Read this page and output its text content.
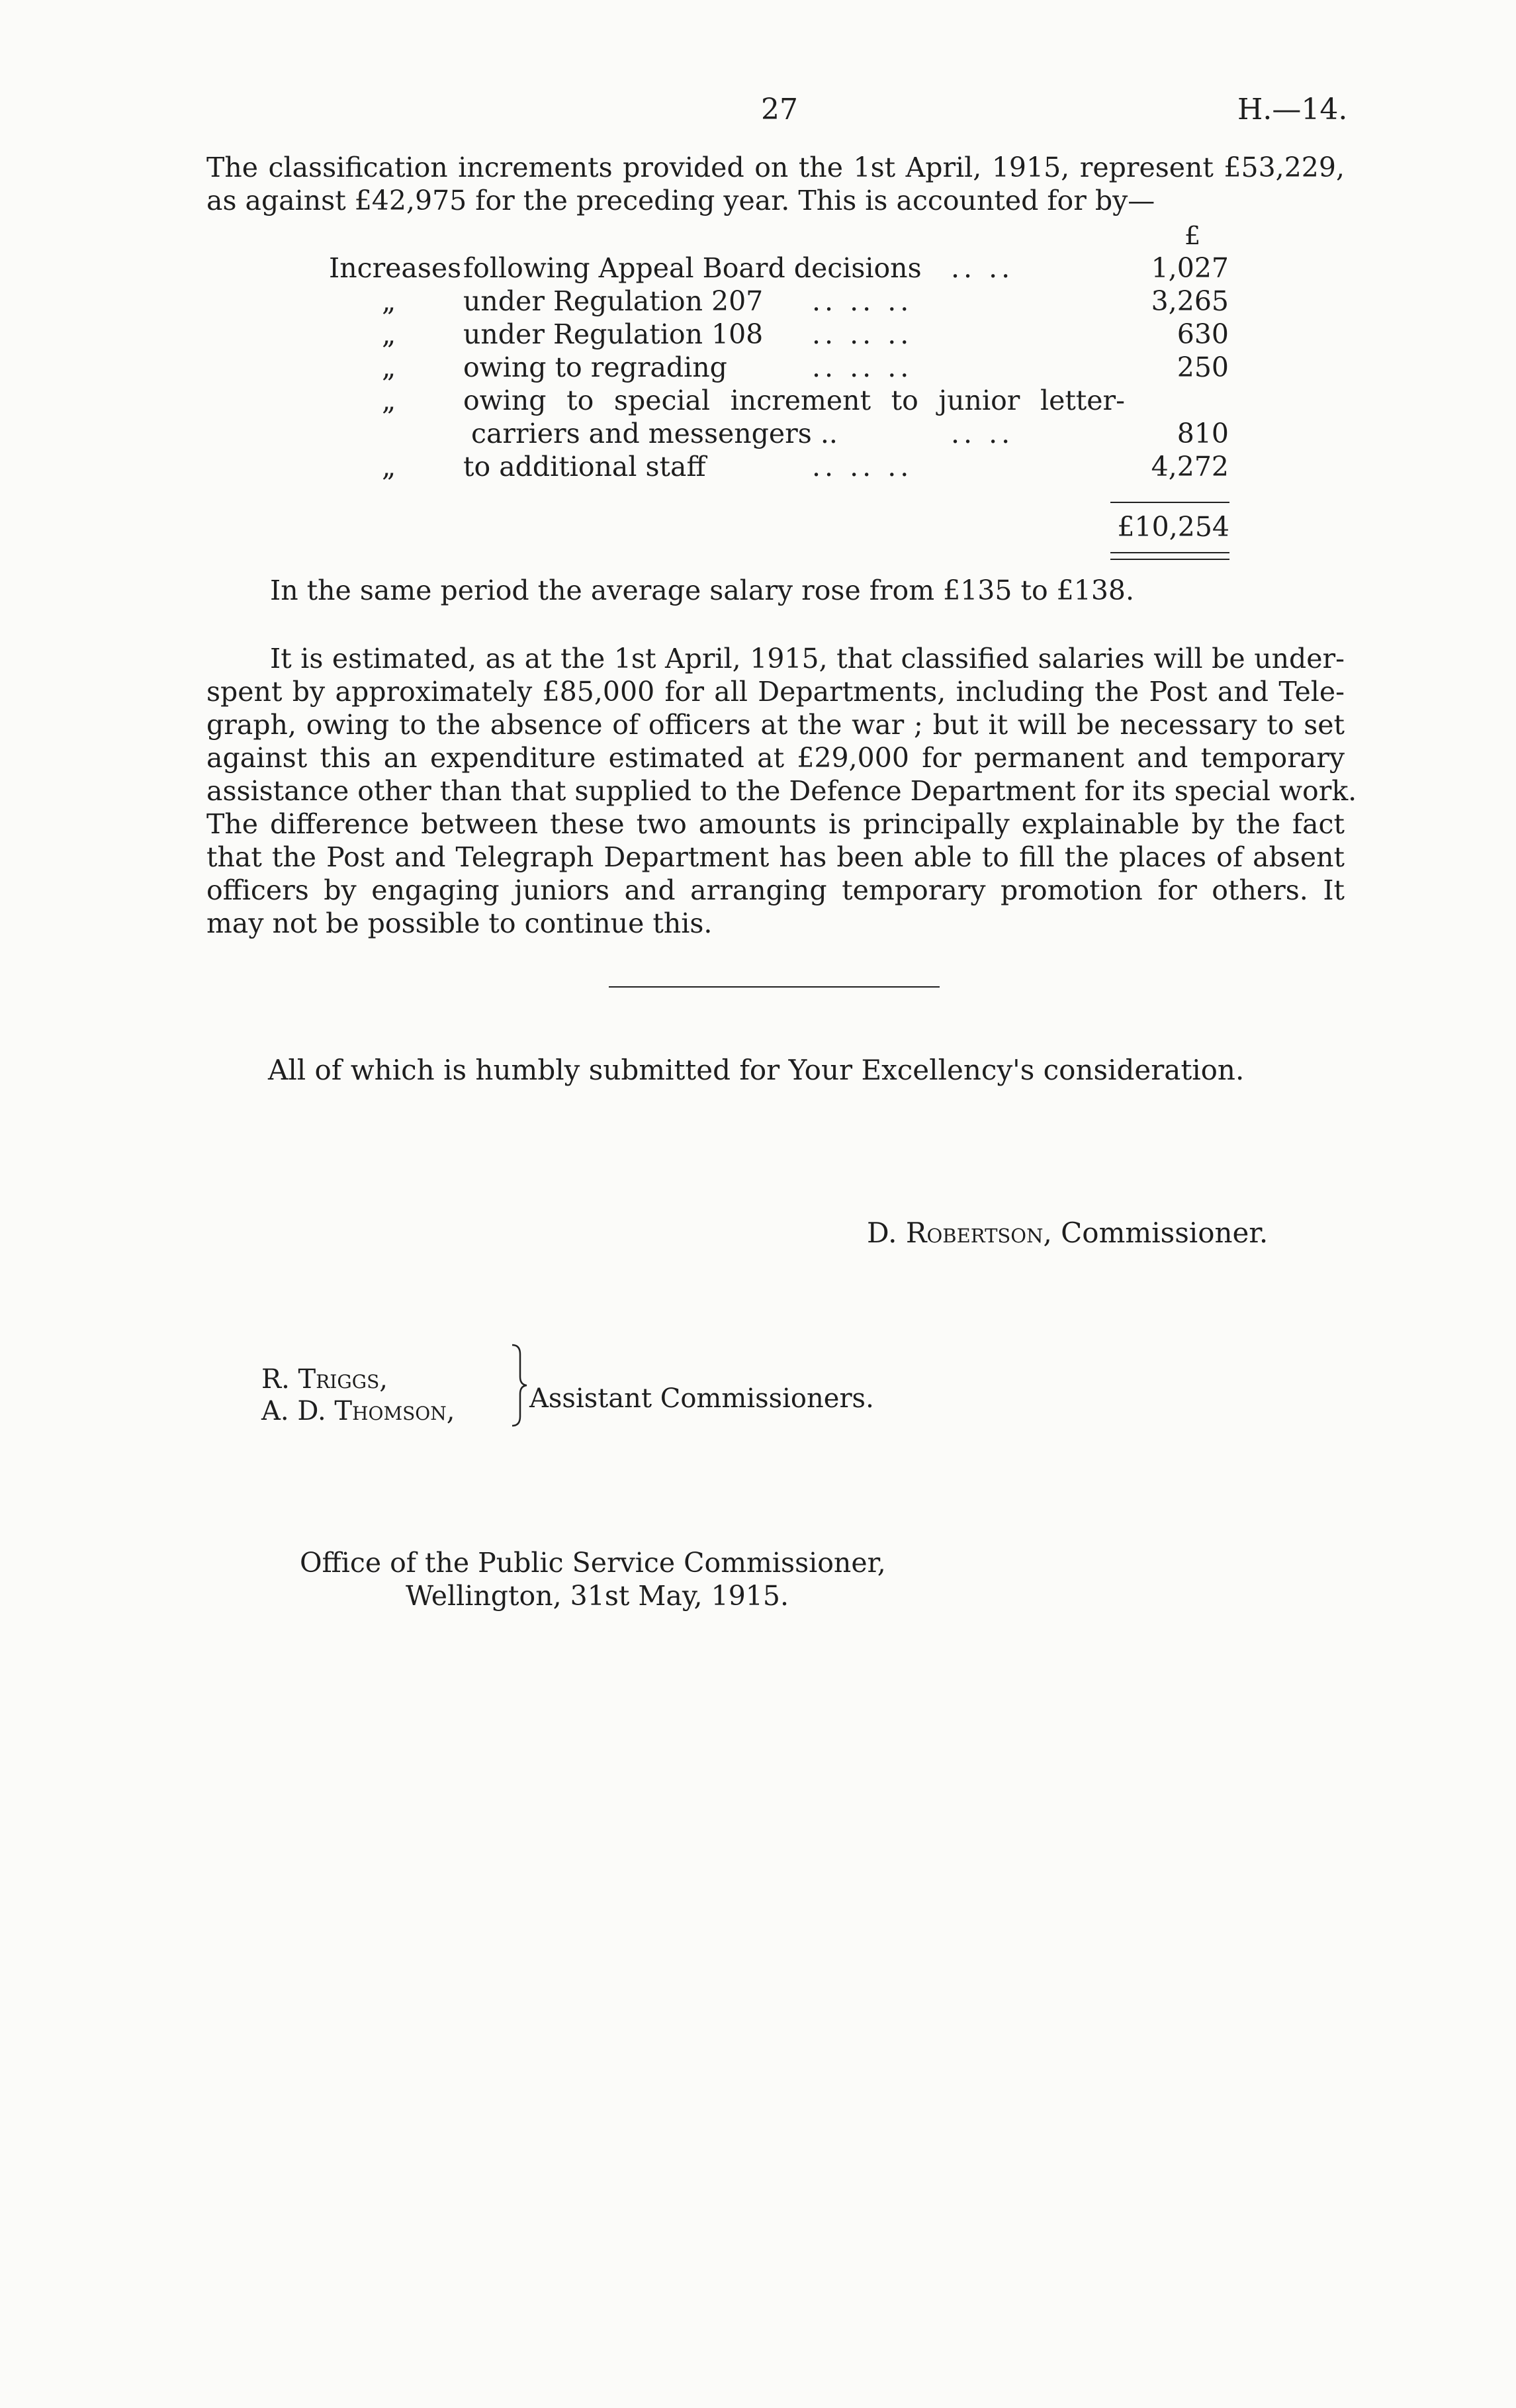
27	H.—14.
The classification increments provided on the 1st April, 1915, represent £53,229,
as against £42,975 for the preceding year. This is accounted for by—
£
Increases following Appeal Board decisions .. ..	1,027
„ under Regulation 207 .. .. ..	3,265
„ under Regulation 108 .. .. ..	630
„ owing to regrading	.. .. ..	250
„ owing to special increment to junior letter-
carriers and messengers ..	.. ..	810
„ to additional staff	.. .. ..	4,272
£10,254
In the same period the average salary rose from £135 to £138.
It is estimated, as at the 1st April, 1915, that classified salaries will be under-
spent by approximately £85,000 for all Departments, including the Post and Tele-
graph, owing to the absence of officers at the war ; but it will be necessary to set
against this an expenditure estimated at £29,000 for permanent and temporary
assistance other than that supplied to the Defence Department for its special work.
The difference between these two amounts is principally explainable by the fact
that the Post and Telegraph Department has been able to fill the places of absent
officers by engaging juniors and arranging temporary promotion for others. It
may not be possible to continue this.
All of which is humbly submitted for Your Excellency's consideration.
D. Robertson, Commissioner.
R. Triggs,
A. D. Thomson,	Assistant Commissioners.
Office of the Public Service Commissioner,
Wellington, 31st May, 1915.
